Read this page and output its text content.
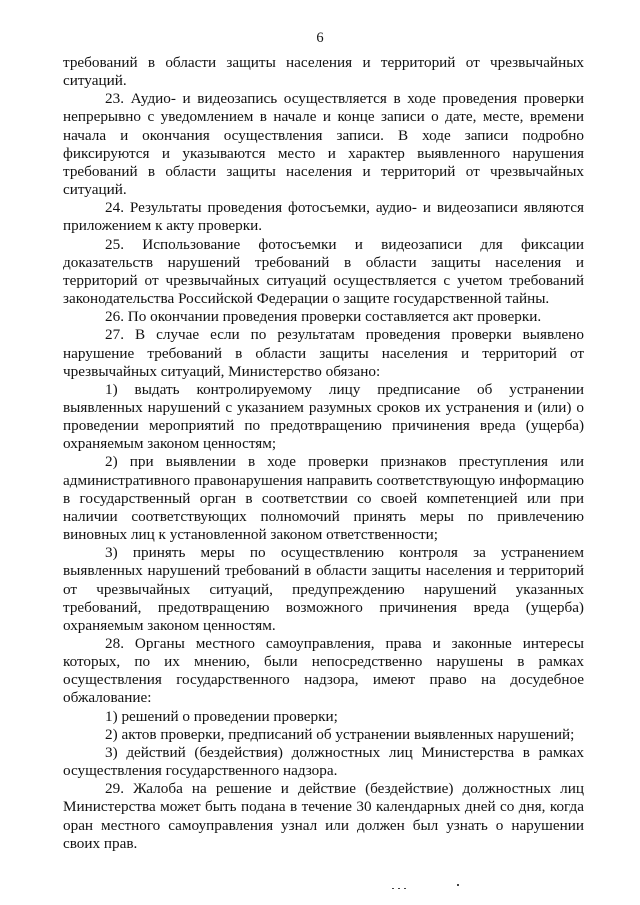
6

требований в области защиты населения и территорий от чрезвычайных ситуаций.

23. Аудио- и видеозапись осуществляется в ходе проведения проверки непрерывно с уведомлением в начале и конце записи о дате, месте, времени начала и окончания осуществления записи. В ходе записи подробно фиксируются и указываются место и характер выявленного нарушения требований в области защиты населения и территорий от чрезвычайных ситуаций.

24. Результаты проведения фотосъемки, аудио- и видеозаписи являются приложением к акту проверки.

25. Использование фотосъемки и видеозаписи для фиксации доказательств нарушений требований в области защиты населения и территорий от чрезвычайных ситуаций осуществляется с учетом требований законодательства Российской Федерации о защите государственной тайны.

26. По окончании проведения проверки составляется акт проверки.

27. В случае если по результатам проведения проверки выявлено нарушение требований в области защиты населения и территорий от чрезвычайных ситуаций, Министерство обязано:

1) выдать контролируемому лицу предписание об устранении выявленных нарушений с указанием разумных сроков их устранения и (или) о проведении мероприятий по предотвращению причинения вреда (ущерба) охраняемым законом ценностям;

2) при выявлении в ходе проверки признаков преступления или административного правонарушения направить соответствующую информацию в государственный орган в соответствии со своей компетенцией или при наличии соответствующих полномочий принять меры по привлечению виновных лиц к установленной законом ответственности;

3) принять меры по осуществлению контроля за устранением выявленных нарушений требований в области защиты населения и территорий от чрезвычайных ситуаций, предупреждению нарушений указанных требований, предотвращению возможного причинения вреда (ущерба) охраняемым законом ценностям.

28. Органы местного самоуправления, права и законные интересы которых, по их мнению, были непосредственно нарушены в рамках осуществления государственного надзора, имеют право на досудебное обжалование:

1) решений о проведении проверки;

2) актов проверки, предписаний об устранении выявленных нарушений;

3) действий (бездействия) должностных лиц Министерства в рамках осуществления государственного надзора.

29. Жалоба на решение и действие (бездействие) должностных лиц Министерства может быть подана в течение 30 календарных дней со дня, когда оран местного самоуправления узнал или должен был узнать о нарушении своих прав.
